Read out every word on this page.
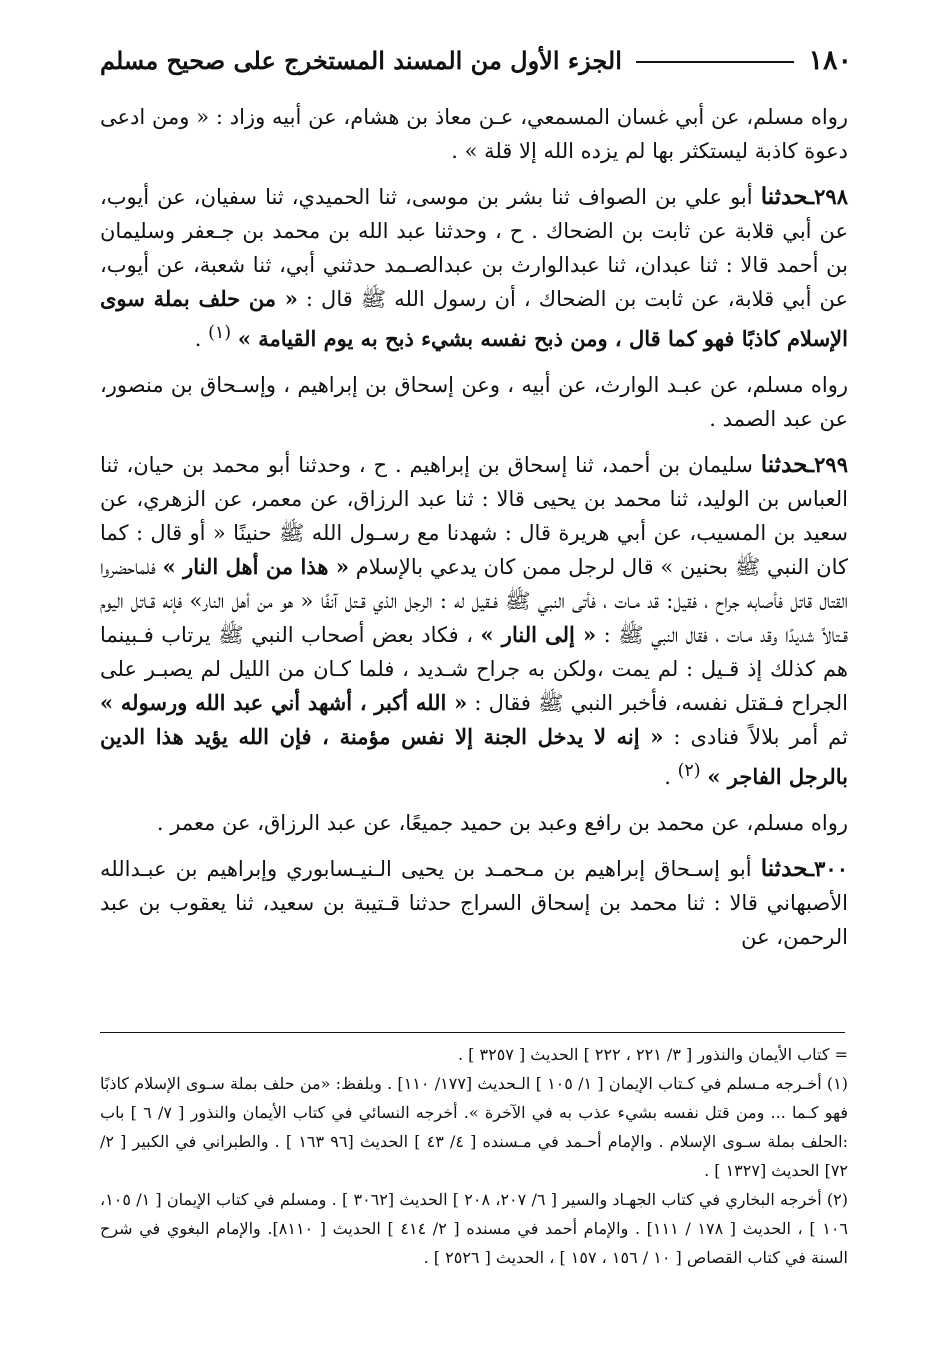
١٨٠
الجزء الأول من المسند المستخرج على صحيح مسلم

رواه مسلم، عن أبي غسان المسمعي، عـن معاذ بن هشام، عن أبيه وزاد : « ومن ادعى دعوة كاذبة ليستكثر بها لم يزده الله إلا قلة » .

٢٩٨ـحدثنا أبو علي بن الصواف ثنا بشر بن موسى، ثنا الحميدي، ثنا سفيان، عن أيوب، عن أبي قلابة عن ثابت بن الضحاك . ح ، وحدثنا عبد الله بن محمد بن جـعفر وسليمان بن أحمد قالا : ثنا عبدان، ثنا عبدالوارث بن عبدالصـمد حدثني أبي، ثنا شعبة، عن أيوب، عن أبي قلابة، عن ثابت بن الضحاك ، أن رسول الله ﷺ قال : « من حلف بملة سوى الإسلام كاذبًا فهو كما قال ، ومن ذبح نفسه بشيء ذبح به يوم القيامة » $^{(١)}$ .

رواه مسلم، عن عبـد الوارث، عن أبيه ، وعن إسحاق بن إبراهيم ، وإسـحاق بن منصور، عن عبد الصمد .

٢٩٩ـحدثنا سليمان بن أحمد، ثنا إسحاق بن إبراهيم . ح ، وحدثنا أبو محمد بن حيان، ثنا العباس بن الوليد، ثنا محمد بن يحيى قالا : ثنا عبد الرزاق، عن معمر، عن الزهري، عن سعيد بن المسيب، عن أبي هريرة قال : شهدنا مع رسـول الله ﷺ حنينًا « أو قال : كما كان النبي ﷺ بحنين » قال لرجل ممن كان يدعي بالإسلام « هذا من أهل النار » فلماحضروا القتال قاتل فأصابه جراح ، فقيل: قد مـات ، فأتى النبي ﷺ فـقيل له : الرجل الذي قـتل آنفًا « هو من أهل النار» فإنه قـاتل اليوم قـتالاً شديدًا وقد مـات ، فقال النبي ﷺ : « إلى النار » ، فكاد بعض أصحاب النبي ﷺ يرتاب فـبينما هم كذلك إذ قـيل : لم يمت ،ولكن به جراح شـديد ، فلما كـان من الليل لم يصبـر على الجراح فـقتل نفسه، فأخبر النبي ﷺ فقال : « الله أكبر ، أشهد أني عبد الله ورسوله » ثم أمر بلالاً فنادى : « إنه لا يدخل الجنة إلا نفس مؤمنة ، فإن الله يؤيد هذا الدين بالرجل الفاجر » $^{(٢)}$ .

رواه مسلم، عن محمد بن رافع وعبد بن حميد جميعًا، عن عبد الرزاق، عن معمر .

٣٠٠ـحدثنا أبو إسـحاق إبراهيم بن مـحمـد بن يحيى الـنيـسابوري وإبراهيم بن عبـدالله الأصبهاني قالا : ثنا محمد بن إسحاق السراج حدثنا قـتيبة بن سعيد، ثنا يعقوب بن عبد الرحمن، عن

= كتاب الأيمان والنذور [ ٣/ ٢٢١ ، ٢٢٢ ] الحديث [ ٣٢٥٧ ] .

(١) أخـرجه مـسلم في كـتاب الإيمان [ ١/ ١٠٥ ] الـحديث [١٧٧/ ١١٠] . وبلفظ: «من حلف بملة سـوى الإسلام كاذبًا فهو كـما ... ومن قتل نفسه بشيء عذب به في الآخرة ». أخرجه النسائي في كتاب الأيمان والنذور [ ٧/ ٦ ] باب :الحلف بملة سـوى الإسلام . والإمام أحـمد في مـسنده [ ٤/ ٤٣ ] الحديث [٩٦ ١٦٣ ] . والطبراني في الكبير [ ٢/ ٧٢] الحديث [١٣٢٧ ] .

(٢) أخرجه البخاري في كتاب الجهـاد والسير [ ٦/ ٢٠٧، ٢٠٨ ] الحديث [٣٠٦٢ ] . ومسلم في كتاب الإيمان [ ١/ ١٠٥، ١٠٦ ] ، الحديث [ ١٧٨ / ١١١] . والإمام أحمد في مسنده [ ٢/ ٤١٤ ] الحديث [ ٨١١٠]. والإمام البغوي في شرح السنة في كتاب القصاص [ ١٠ / ١٥٦ ، ١٥٧ ] ، الحديث [ ٢٥٢٦ ] .
